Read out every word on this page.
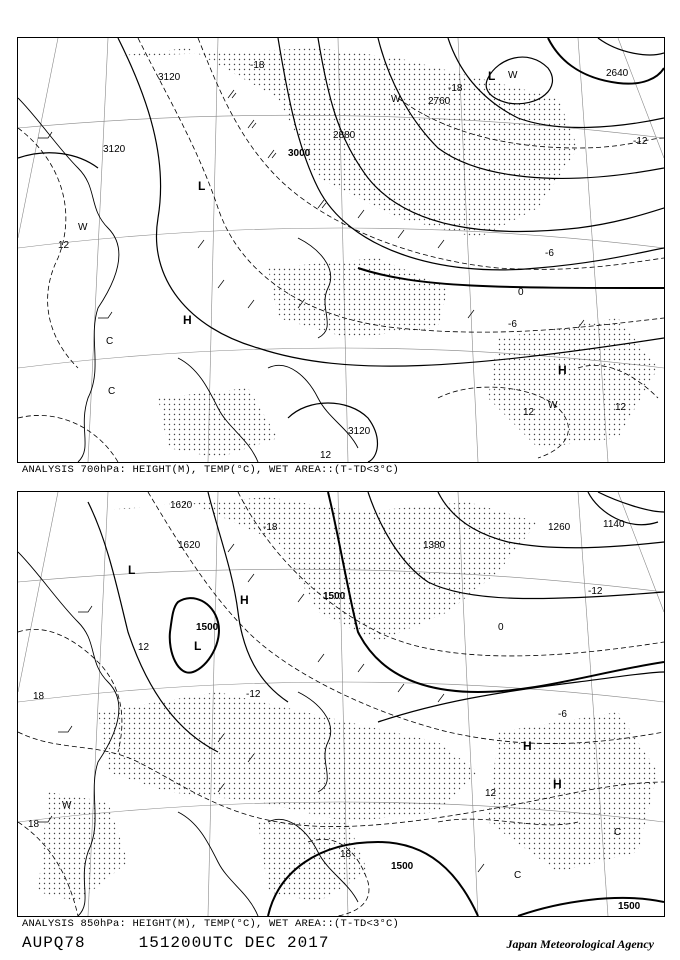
3120
3120
3120
2880
3000
2760
2640
12
12
12	12
-6
0
-6
-12
-18
-18
L
L
H
H
C
C
W
W
W
W
ANALYSIS 700hPa: HEIGHT(M), TEMP(°C), WET AREA::(T-TD<3°C)
1620
1620
1500
1500
1380
1500
1500
1140
1260
-18
12
18
18
18
12
-6
-12
0
-12
L
L
H
H
H
W
C
C
ANALYSIS 850hPa: HEIGHT(M), TEMP(°C), WET AREA::(T-TD<3°C)
AUPQ78	151200UTC DEC 2017	Japan Meteorological Agency
